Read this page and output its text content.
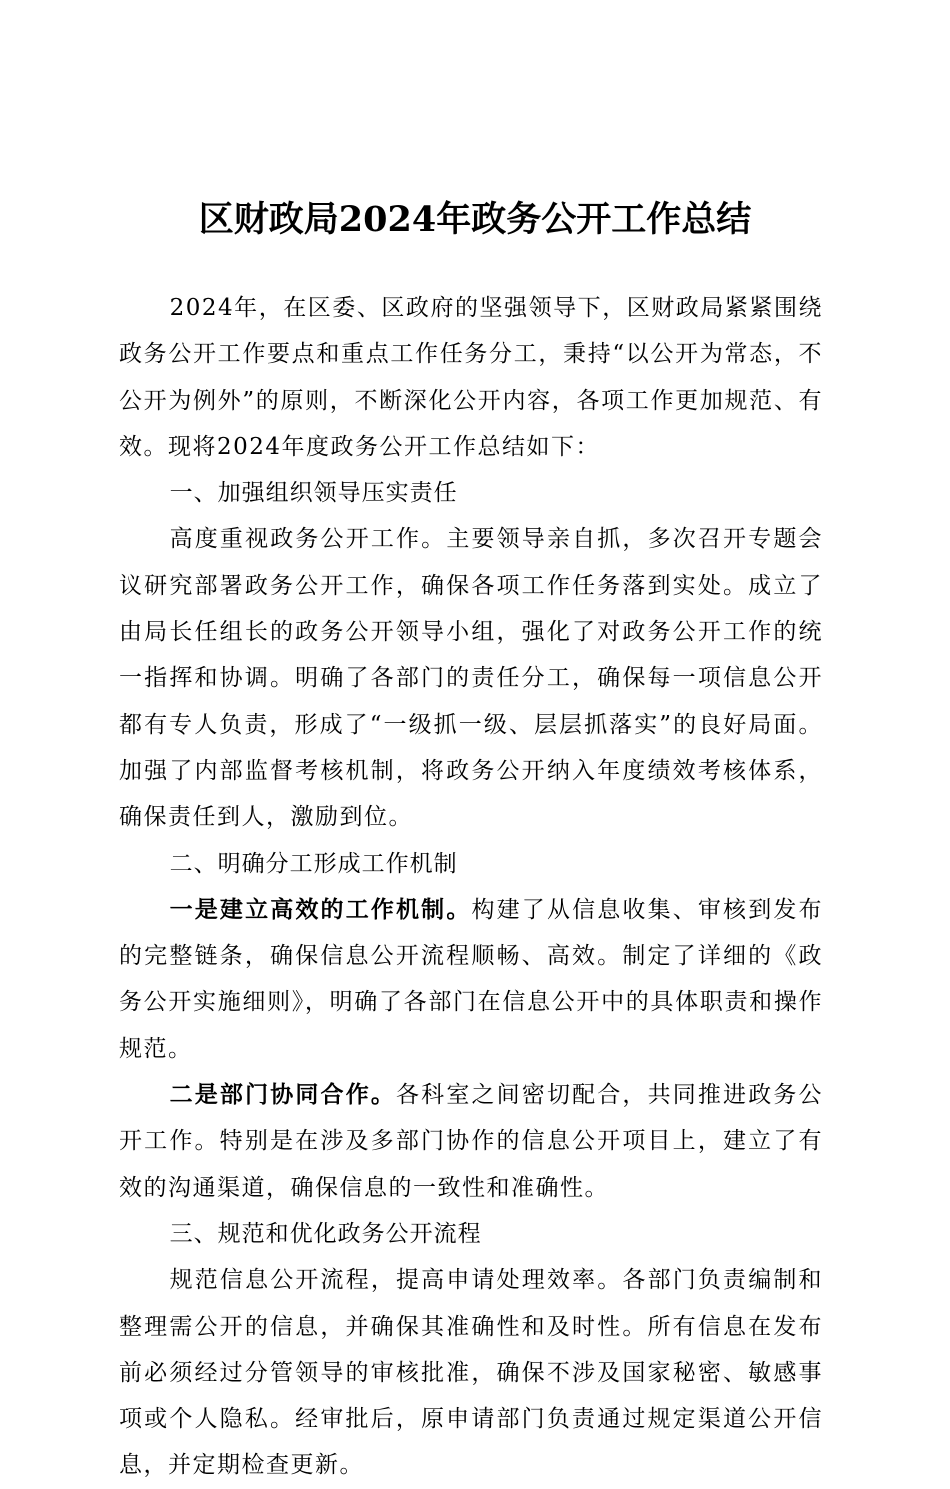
区财政局2024年政务公开工作总结

2024年，在区委、区政府的坚强领导下，区财政局紧紧围绕政务公开工作要点和重点工作任务分工，秉持“以公开为常态，不公开为例外”的原则，不断深化公开内容，各项工作更加规范、有效。现将2024年度政务公开工作总结如下：

一、加强组织领导压实责任

高度重视政务公开工作。主要领导亲自抓，多次召开专题会议研究部署政务公开工作，确保各项工作任务落到实处。成立了由局长任组长的政务公开领导小组，强化了对政务公开工作的统一指挥和协调。明确了各部门的责任分工，确保每一项信息公开都有专人负责，形成了“一级抓一级、层层抓落实”的良好局面。加强了内部监督考核机制，将政务公开纳入年度绩效考核体系，确保责任到人，激励到位。

二、明确分工形成工作机制

一是建立高效的工作机制。构建了从信息收集、审核到发布的完整链条，确保信息公开流程顺畅、高效。制定了详细的《政务公开实施细则》，明确了各部门在信息公开中的具体职责和操作规范。

二是部门协同合作。各科室之间密切配合，共同推进政务公开工作。特别是在涉及多部门协作的信息公开项目上，建立了有效的沟通渠道，确保信息的一致性和准确性。

三、规范和优化政务公开流程

规范信息公开流程，提高申请处理效率。各部门负责编制和整理需公开的信息，并确保其准确性和及时性。所有信息在发布前必须经过分管领导的审核批准，确保不涉及国家秘密、敏感事项或个人隐私。经审批后，原申请部门负责通过规定渠道公开信息，并定期检查更新。
